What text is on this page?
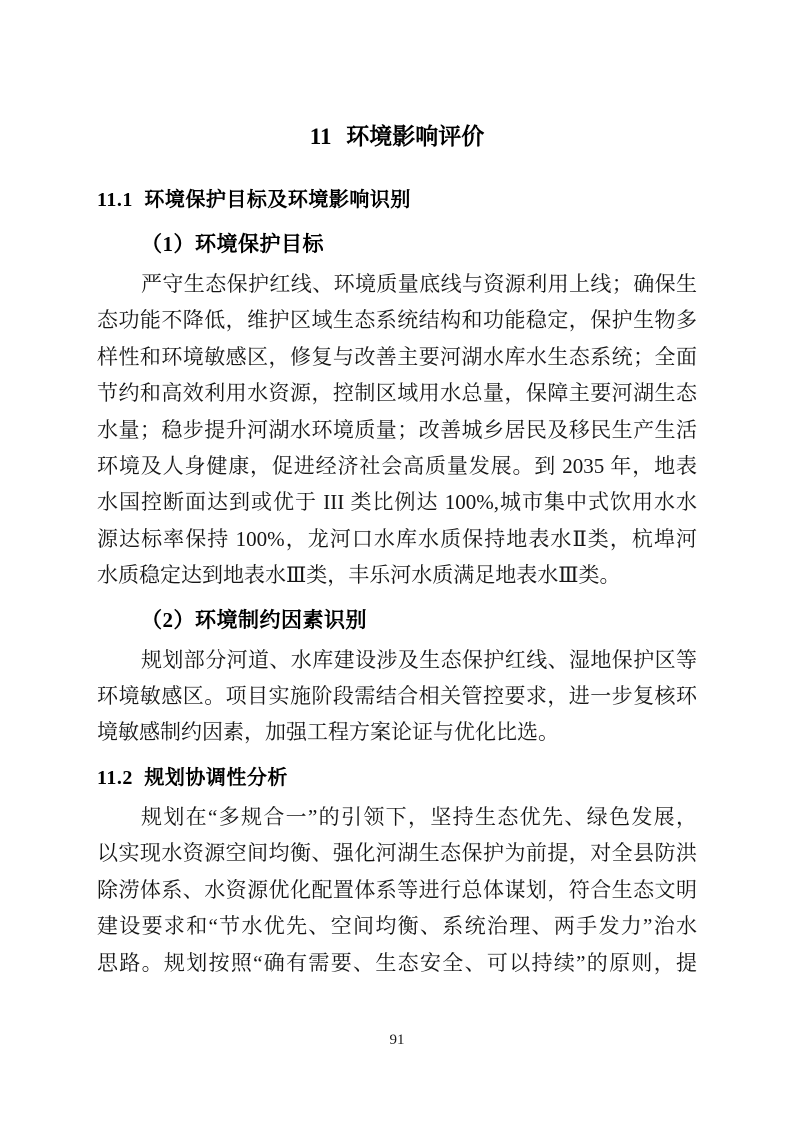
11 环境影响评价
11.1 环境保护目标及环境影响识别
（1）环境保护目标
严守生态保护红线、环境质量底线与资源利用上线；确保生
态功能不降低，维护区域生态系统结构和功能稳定，保护生物多
样性和环境敏感区，修复与改善主要河湖水库水生态系统；全面
节约和高效利用水资源，控制区域用水总量，保障主要河湖生态
水量；稳步提升河湖水环境质量；改善城乡居民及移民生产生活
环境及人身健康，促进经济社会高质量发展。到 2035 年，地表
水国控断面达到或优于 III 类比例达 100%,城市集中式饮用水水
源达标率保持 100%，龙河口水库水质保持地表水Ⅱ类，杭埠河
水质稳定达到地表水Ⅲ类，丰乐河水质满足地表水Ⅲ类。
（2）环境制约因素识别
规划部分河道、水库建设涉及生态保护红线、湿地保护区等
环境敏感区。项目实施阶段需结合相关管控要求，进一步复核环
境敏感制约因素，加强工程方案论证与优化比选。
11.2 规划协调性分析
规划在“多规合一”的引领下，坚持生态优先、绿色发展，
以实现水资源空间均衡、强化河湖生态保护为前提，对全县防洪
除涝体系、水资源优化配置体系等进行总体谋划，符合生态文明
建设要求和“节水优先、空间均衡、系统治理、两手发力”治水
思路。规划按照“确有需要、生态安全、可以持续”的原则，提
91
